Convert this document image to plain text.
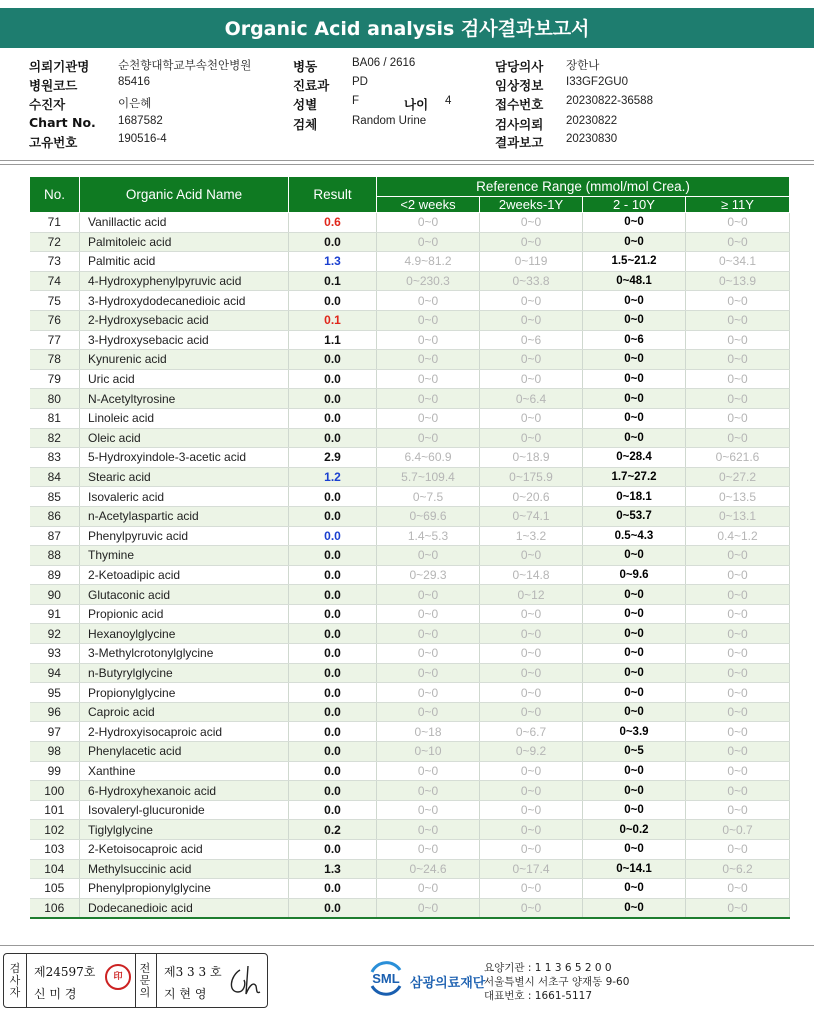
Organic Acid analysis 검사결과보고서
의뢰기관명 순천향대학교부속천안병원	병동	BA06 / 2616	담당의사 장한나
병원코드	85416	진료과 PD	임상정보 I33GF2GU0
수진자	이은혜	성별	F	나이 4	접수번호 20230822-36588
Chart No. 1687582	검체	Random Urine	검사의뢰 20230822
고유번호	190516-4	결과보고 20230830
No.	Organic Acid Name	Result	Reference Range (mmol/mol Crea.)			
			<2 weeks	2weeks-1Y	2 - 10Y	≥ 11Y
71	Vanillactic acid	0.6	0~0	0~0	0~0	0~0
72	Palmitoleic acid	0.0	0~0	0~0	0~0	0~0
73	Palmitic acid	1.3	4.9~81.2	0~119	1.5~21.2	0~34.1
74	4-Hydroxyphenylpyruvic acid	0.1	0~230.3	0~33.8	0~48.1	0~13.9
75	3-Hydroxydodecanedioic acid	0.0	0~0	0~0	0~0	0~0
76	2-Hydroxysebacic acid	0.1	0~0	0~0	0~0	0~0
77	3-Hydroxysebacic acid	1.1	0~0	0~6	0~6	0~0
78	Kynurenic acid	0.0	0~0	0~0	0~0	0~0
79	Uric acid	0.0	0~0	0~0	0~0	0~0
80	N-Acetyltyrosine	0.0	0~0	0~6.4	0~0	0~0
81	Linoleic acid	0.0	0~0	0~0	0~0	0~0
82	Oleic acid	0.0	0~0	0~0	0~0	0~0
83	5-Hydroxyindole-3-acetic acid	2.9	6.4~60.9	0~18.9	0~28.4	0~621.6
84	Stearic acid	1.2	5.7~109.4	0~175.9	1.7~27.2	0~27.2
85	Isovaleric acid	0.0	0~7.5	0~20.6	0~18.1	0~13.5
86	n-Acetylaspartic acid	0.0	0~69.6	0~74.1	0~53.7	0~13.1
87	Phenylpyruvic acid	0.0	1.4~5.3	1~3.2	0.5~4.3	0.4~1.2
88	Thymine	0.0	0~0	0~0	0~0	0~0
89	2-Ketoadipic acid	0.0	0~29.3	0~14.8	0~9.6	0~0
90	Glutaconic acid	0.0	0~0	0~12	0~0	0~0
91	Propionic acid	0.0	0~0	0~0	0~0	0~0
92	Hexanoylglycine	0.0	0~0	0~0	0~0	0~0
93	3-Methylcrotonylglycine	0.0	0~0	0~0	0~0	0~0
94	n-Butyrylglycine	0.0	0~0	0~0	0~0	0~0
95	Propionylglycine	0.0	0~0	0~0	0~0	0~0
96	Caproic acid	0.0	0~0	0~0	0~0	0~0
97	2-Hydroxyisocaproic acid	0.0	0~18	0~6.7	0~3.9	0~0
98	Phenylacetic acid	0.0	0~10	0~9.2	0~5	0~0
99	Xanthine	0.0	0~0	0~0	0~0	0~0
100	6-Hydroxyhexanoic acid	0.0	0~0	0~0	0~0	0~0
101	Isovaleryl-glucuronide	0.0	0~0	0~0	0~0	0~0
102	Tiglylglycine	0.2	0~0	0~0	0~0.2	0~0.7
103	2-Ketoisocaproic acid	0.0	0~0	0~0	0~0	0~0
104	Methylsuccinic acid	1.3	0~24.6	0~17.4	0~14.1	0~6.2
105	Phenylpropionylglycine	0.0	0~0	0~0	0~0	0~0
106	Dodecanedioic acid	0.0	0~0	0~0	0~0	0~0
검사자
제24597호
신 미 경
印
전문의
제3 3 3 호
지 현 영
SML 삼광의료재단
요양기관 : 1 1 3 6 5 2 0 0
서울특별시 서초구 양재동 9-60
대표번호 : 1661-5117
